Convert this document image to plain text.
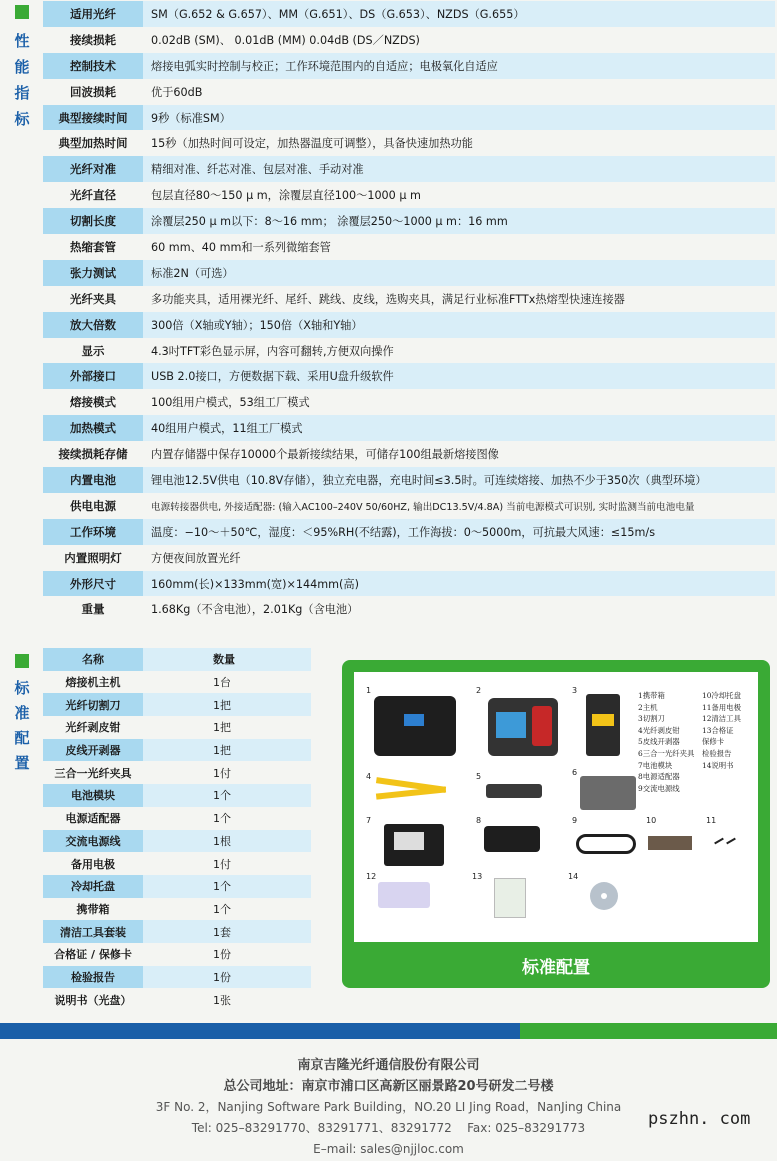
性
能
指
标
标
准
配
置
适用光纤	SM（G.652 & G.657）、MM（G.651）、DS（G.653）、NZDS（G.655）
接续损耗	0.02dB (SM)、 0.01dB (MM) 0.04dB (DS／NZDS)
控制技术	熔接电弧实时控制与校正；工作环境范围内的自适应；电极氧化自适应
回波损耗	优于60dB
典型接续时间	9秒（标准SM）
典型加热时间	15秒（加热时间可设定，加热器温度可调整），具备快速加热功能
光纤对准	精细对准、纤芯对准、包层对准、手动对准
光纤直径	包层直径80～150 μ m，涂覆层直径100～1000 μ m
切割长度	涂覆层250 μ m以下：8～16 mm； 涂覆层250～1000 μ m：16 mm
热缩套管	60 mm、40 mm和一系列微缩套管
张力测试	标准2N（可选）
光纤夹具	多功能夹具，适用裸光纤、尾纤、跳线、皮线，选购夹具，满足行业标准FTTx热熔型快速连接器
放大倍数	300倍（X轴或Y轴）；150倍（X轴和Y轴）
显示	4.3吋TFT彩色显示屏，内容可翻转,方便双向操作
外部接口	USB 2.0接口，方便数据下载、采用U盘升级软件
熔接模式	100组用户模式，53组工厂模式
加热模式	40组用户模式，11组工厂模式
接续损耗存储	内置存储器中保存10000个最新接续结果，可储存100组最新熔接图像
内置电池	锂电池12.5V供电（10.8V存储），独立充电器，充电时间≤3.5时。可连续熔接、加热不少于350次（典型环境）
供电电源	电源转接器供电, 外接适配器: (输入AC100–240V 50/60HZ, 输出DC13.5V/4.8A) 当前电源模式可识别, 实时监测当前电池电量
工作环境	温度：−10～＋50℃，湿度：＜95%RH(不结露)，工作海拔：0～5000m，可抗最大风速：≤15m/s
内置照明灯	方便夜间放置光纤
外形尺寸	160mm(长)×133mm(宽)×144mm(高)
重量	1.68Kg（不含电池），2.01Kg（含电池）
名称	数量
熔接机主机	1台
光纤切割刀	1把
光纤剥皮钳	1把
皮线开剥器	1把
三合一光纤夹具	1付
电池模块	1个
电源适配器	1个
交流电源线	1根
备用电极	1付
冷却托盘	1个
携带箱	1个
清洁工具套装	1套
合格证 / 保修卡	1份
检验报告	1份
说明书（光盘）	1张
1	2	3
1携带箱
2主机
3切割刀
4光纤剥皮钳
5皮线开剥器
6三合一光纤夹具
7电池模块
8电源适配器
9交流电源线
10冷却托盘
11备用电极
12清洁工具
13合格证
保修卡
检验报告
14说明书
4	5	6
7	8	9	10	11
12	13	14
标准配置
南京吉隆光纤通信股份有限公司
总公司地址：南京市浦口区高新区丽景路20号研发二号楼
3F No. 2，Nanjing Software Park Building，NO.20 LI Jing Road，NanJing China
Tel: 025–83291770、83291771、83291772 Fax: 025–83291773
E–mail: sales@njjloc.com
pszhn. com
